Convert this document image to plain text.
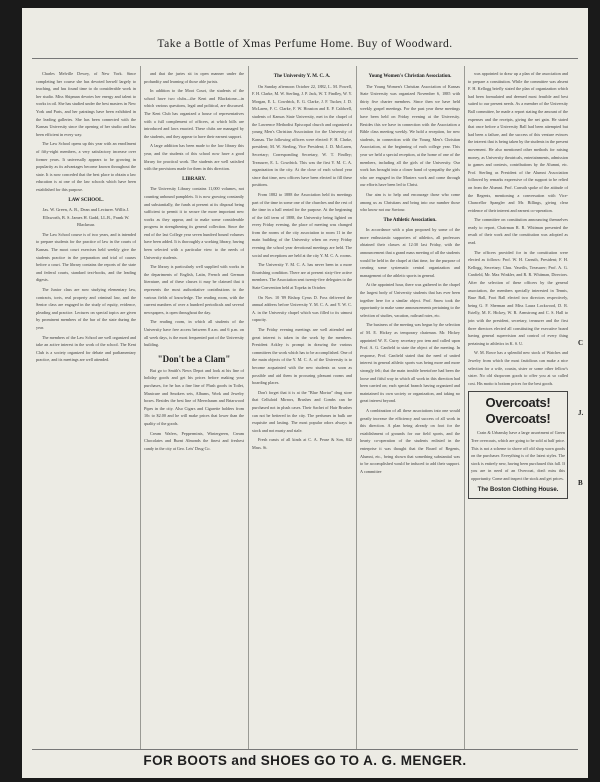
Take a Bottle of Xmas Perfume Home. Buy of Woodward.

Charles Melville Dewey, of New York. Since completing her course she has devoted herself largely to teaching, and has found time to do considerable work in her studio. Miss Shipman devotes her energy and talent to works in oil. She has studied under the best masters in New York and Paris, and her paintings have been exhibited in the leading galleries. She has been connected with the Kansas University since the opening of her studio and has been efficient in every way.

The Law School opens up this year with an enrollment of fifty-eight members, a very satisfactory increase over former years. It universally appears to be growing in popularity as its advantages become known throughout the state. It is now conceded that the best place to obtain a law education is at one of the law schools which have been established for this purpose.

LAW SCHOOL.
Jas. W. Green, A. B., Dean and Lecturer. Willis J. Ellsworth, B. S. James H. Gadd, LL.B., Frank W. Blackmar.

The Law School course is of two years, and is intended to prepare students for the practice of law in the courts of Kansas. The moot court exercises held weekly give the students practice in the preparation and trial of causes before a court. The library contains the reports of the state and federal courts, standard text-books, and the leading digests.

The Junior class are now studying elementary law, contracts, torts, real property and criminal law, and the Senior class are engaged in the study of equity, evidence, pleading and practice. Lectures on special topics are given by prominent members of the bar of the state during the year.

The members of the Law School are well organized and take an active interest in the work of the school. The Kent Club is a society organized for debate and parliamentary practice, and its meetings are well attended.

and that the juries sit in open manner under the profundity and learning of those able jurists.

In addition to the Moot Court, the students of the school have two clubs—the Kent and Blackstone—in which various questions, legal and political, are discussed. The Kent Club has organized a house of representatives with a full complement of officers, at which bills are introduced and laws enacted. These clubs are managed by the students, and they appear to have their earnest support.

A large addition has been made to the law library this year, and the students of this school now have a good library for practical work. The students are well satisfied with the provisions made for them in this direction.

LIBRARY.

The University Library contains 11,000 volumes, not counting unbound pamphlets. It is now growing constantly and substantially, the funds at present at its disposal being sufficient to permit it to secure the more important new works as they appear, and to make some considerable progress in strengthening its general collection. Since the end of the last College year seven hundred bound volumes have been added. It is thoroughly a working library, having been selected with a particular view to the needs of University students.

The library is particularly well supplied with works in the departments of English, Latin, French and German literature, and of these classes it may be claimed that it represents the most authoritative contributions to the various fields of knowledge. The reading room, with the current numbers of over a hundred periodicals and several newspapers, is open throughout the day.

The reading room, in which all students of the University have free access between 8 a.m. and 6 p.m. on all week days, is the most frequented part of the University building.

"Don't be a Clam"

But go to Smith's News Depot and look at his line of holiday goods and get his prices before making your purchases, for he has a fine line of Plush goods in Toilet, Manicure and Smokers sets, Albums, Work and Jewelry boxes. Besides the best line of Meerchaum and Briarwood Pipes in the city. Also Cigars and Cigarette holders from 10c to $2.00 and he will make prices that lower than the quality of the goods.

Cream Wafers, Peppermints, Wintergreen, Cream Chocolates and Burnt Almonds the finest and freshest candy in the city at Geo. Leis' Drug Co.

The University Y. M. C. A.

On Sunday afternoon October 22, 1882, L. M. Powell, F. H. Clarke, M. W. Sterling, J. P. Jack, W. T. Findley, W. Y. Morgan, E. L. Cowdrick, E. G. Clarke, J. F. Tucker, J. D. McLaren, F. C. Clarke, F. W. Houston and E. P. Caldwell, students of Kansas State University, met in the chapel of the Lawrence Methodist Episcopal church and organized a young Men's Christian Association for the University of Kansas. The following officers were elected: F. H. Clarke, president; M. W. Sterling, Vice President; J. D. McLaren, Secretary; Corresponding Secretary, W. T. Findley; Treasurer, E. L. Cowdrick. This was the first Y. M. C. A. organization in the city. At the close of each school year since that time, new officers have been elected to fill these positions.

From 1882 to 1888 the Association held its meetings part of the time in some one of the churches and the rest of the time in a hall rented for the purpose. At the beginning of the fall term of 1888, the University being lighted on every Friday evening, the place of meeting was changed from the rooms of the city association to room 11 in the main building of the University when on every Friday evening the school year devotional meetings are held. The social and receptions are held at the city Y. M. C. A. rooms.

The University Y. M. C. A. has never been in a more flourishing condition. There are at present sixty-five active members. The Association sent twenty-five delegates to the State Convention held at Topeka in October.

On Nov. 10 '89 Bishop Cyrus D. Foss delivered the annual address before University Y. M. C. A. and Y. W. C. A. in the University chapel which was filled to its utmost capacity.

The Friday evening meetings are well attended and great interest is taken in the work by the members. President Ackley is prompt in drawing the various committees the work which has to be accomplished. One of the main objects of the Y. M. C. A. of the University is to become acquainted with the new students as soon as possible and aid them in procuring pleasant rooms and boarding places.

Don't forget that it is at the "Blue Mortar" drug store that Celluloid Mirrors, Brushes and Combs can be purchased not in plush cases. Their Sachet of Hair Brushes can not be bettered in the city. The perfumes in bulk are exquisite and lasting. The most popular odors always in stock and not musty and stale.

Fresh roasts of all kinds at C. A. Pease & Son, 842 Mass. St.

Young Women's Christian Association.

The Young Women's Christian Association of Kansas State University was organized November 6, 1885 with thirty five charter members. Since then we have held weekly gospel meetings. For the past year these meetings have been held on Friday evening at the University. Besides this we have in connection with the Association a Bible class meeting weekly. We hold a reception, for new students, in connection with the Young Men's Christian Association, at the beginning of each college year. This year we held a special reception, at the home of one of the members, including all the girls of the University. Our work has brought into a closer band of sympathy the girls who are engaged in the Masters work and come through our efforts have been led to Christ.

Our aim is to help and encourage those who come among us as Christians and bring into our number those who know not our Saviour.

The Athletic Association.

In accordance with a plan proposed by some of the more enthusiastic supporters of athletics, all professors obtained their classes at 12:30 last Friday, with the announcement that a grand mass meeting of all the students would be held in the chapel at that time, for the purpose of creating some systematic central organization and management of the athletic sports in general.

At the appointed hour, there was gathered in the chapel the largest body of University students that has ever been together here for a similar object. Prof. Snow took the opportunity to make some announcements pertaining to the selection of studies, vacation, railroad rates, etc.

The business of the meeting was begun by the selection of M. E. Hickey as temporary chairman. Mr. Hickey appointed W. E. Curry secretary pro tem and called upon Prof. A. G. Canfield to state the object of the meeting. In response, Prof. Canfield stated that the need of united interest in general athletic sports was being more and more strongly felt; that the main trouble heretofore had been the loose and fitful way in which all work in this direction had been carried on; each special branch having organized and maintained its own society or organization, and taking no great interest beyond.

A combination of all these associations into one would greatly increase the efficiency and success of all work in this direction. A plan being already on foot for the establishment of grounds for our field sports, and the hearty co-operation of the students enlisted in the enterprise it was thought that the Board of Regents, Alumni, etc., being shown that something substantial was to be accomplished would be induced to add their support. A committee

was appointed to draw up a plan of the association and to prepare a constitution. While the committee was absent F. H. Kellogg briefly stated the plan of organization which had been formulated and deemed most feasible and best suited to our present needs. As a member of the University Ball committee, he made a report stating the amount of the expenses and the receipts, giving the net gain. He stated that once before a University Ball had been attempted but had been a failure, and the success of this venture evinces the interest that is being taken by the students in the present movement. He also mentioned other methods for raising money, as University theatricals, entertainments, admission to games and contests, contributions by the Alumni, etc. Prof. Sterling as President of the Alumni Association followed by remarks expressive of the support to be relied on from the Alumni. Prof. Carruth spoke of the attitude of the Regents, mentioning a conversation with Vice-Chancellor Spangler and Mr. Billings, giving clear evidence of their interest and earnest co-operation.

The committee on constitution announcing themselves ready to report, Chairman R. R. Whitman presented the result of their work and the constitution was adopted as read.

The officers provided for in the constitution were elected as follows: Prof. W. H. Carruth, President; F. H. Kellogg, Secretary; Chas. Vaseilis, Treasurer; Prof. A. G. Canfield, Mr. Max Winkler, and R. R. Whitman, Directors. After the selection of these officers by the general association, the members specially interested in Tennis, Base Ball, Foot Ball elected two directors respectively, being G. F. Sherman and Miss Laura Lockwood, D. R. Estelly, M. E. Hickey, W. R. Armstrong and C. S. Hall to join with the president, secretary, treasurer and the first three directors elected all constituting the executive board having general supervision and control of every thing pertaining to athletics in K. S. U.

W. M. Rowe has a splendid new stock of Watches and Jewelry from which the most fastidious can make a nice selection for a wife, cousin, sister or some other fellow's sister. No old shopworn goods to offer you at so called cost. His motto is bottom prices for the best goods.

Overcoats! Overcoats!

Crain & Urbansky have a large assortment of Green Tree overcoats, which are going to be sold at half price. This is not a scheme to shove off old shop worn goods on the purchaser. Everything is of the latest styles. The stock is entirely new, having been purchased this fall. If you are in need of an Overcoat, don't miss this opportunity. Come and inspect the stock and get prices.

The Boston Clothing House.
C
J.
B
FOR BOOTS and SHOES GO TO A. G. MENGER.
